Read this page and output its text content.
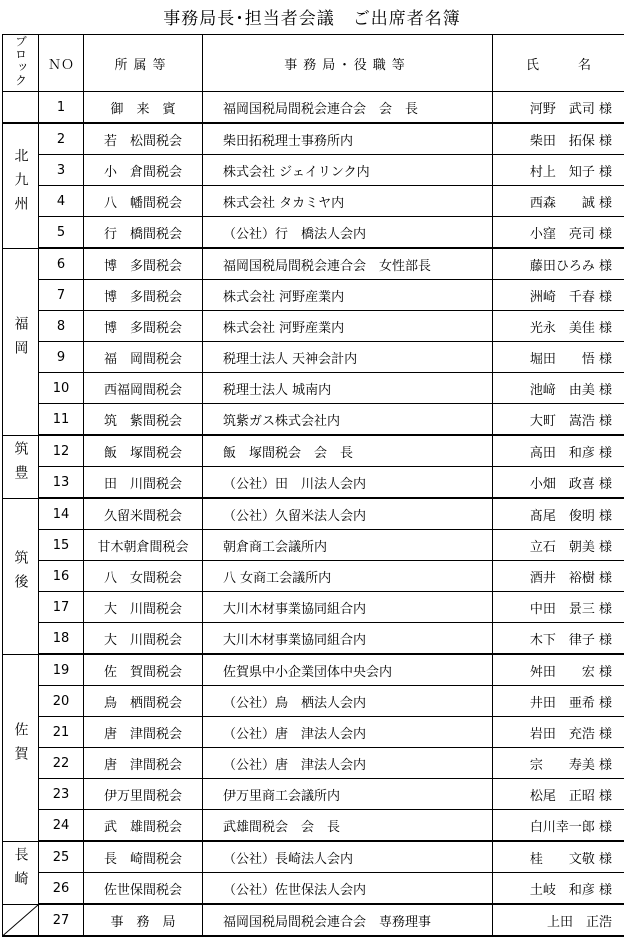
事務局長･担当者会議　ご出席者名簿
ブロック	ＮＯ	所属等	事務局･役職等	氏　　　名
	1	御　来　賓	福岡国税局間税会連合会　会　長	河野　武司 様
北九州	2	若　松間税会	柴田拓税理士事務所内	柴田　拓保 様
	3	小　倉間税会	株式会社 ジェイリンク内	村上　知子 様
	4	八　幡間税会	株式会社 タカミヤ内	西森　　誠 様
	5	行　橋間税会	（公社）行　橋法人会内	小窪　亮司 様
福岡	6	博　多間税会	福岡国税局間税会連合会　女性部長	藤田ひろみ 様
	7	博　多間税会	株式会社 河野産業内	洲崎　千春 様
	8	博　多間税会	株式会社 河野産業内	光永　美佳 様
	9	福　岡間税会	税理士法人 天神会計内	堀田　　悟 様
	10	西福岡間税会	税理士法人 城南内	池﨑　由美 様
	11	筑　紫間税会	筑紫ガス株式会社内	大町　嵩浩 様
筑豊	12	飯　塚間税会	飯　塚間税会　会　長	高田　和彦 様
	13	田　川間税会	（公社）田　川法人会内	小畑　政喜 様
筑後	14	久留米間税会	（公社）久留米法人会内	髙尾　俊明 様
	15	甘木朝倉間税会	朝倉商工会議所内	立石　朝美 様
	16	八　女間税会	八 女商工会議所内	酒井　裕樹 様
	17	大　川間税会	大川木材事業協同組合内	中田　景三 様
	18	大　川間税会	大川木材事業協同組合内	木下　律子 様
佐賀	19	佐　賀間税会	佐賀県中小企業団体中央会内	舛田　　宏 様
	20	鳥　栖間税会	（公社）鳥　栖法人会内	井田　亜希 様
	21	唐　津間税会	（公社）唐　津法人会内	岩田　充浩 様
	22	唐　津間税会	（公社）唐　津法人会内	宗　　寿美 様
	23	伊万里間税会	伊万里商工会議所内	松尾　正昭 様
	24	武　雄間税会	武雄間税会　会　長	白川幸一郎 様
長崎	25	長　崎間税会	（公社）長崎法人会内	桂　　文敬 様
	26	佐世保間税会	（公社）佐世保法人会内	土岐　和彦 様

	27	事　務　局	福岡国税局間税会連合会　専務理事	上田　正浩
